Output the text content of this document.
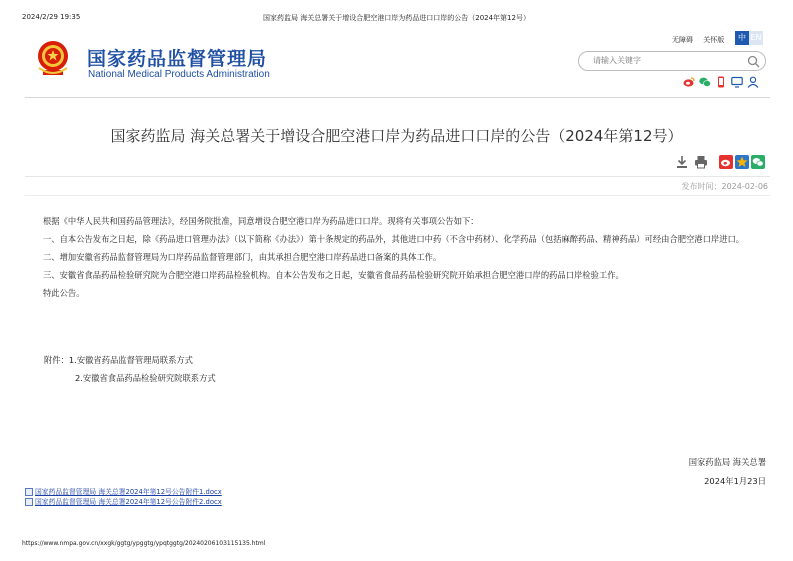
2024/2/29 19:35	国家药监局 海关总署关于增设合肥空港口岸为药品进口口岸的公告（2024年第12号）
国家药品监督管理局
National Medical Products Administration
无障碍 关怀版	中 EN
请输入关键字
国家药监局 海关总署关于增设合肥空港口岸为药品进口口岸的公告（2024年第12号）
发布时间：2024-02-06

根据《中华人民共和国药品管理法》，经国务院批准，同意增设合肥空港口岸为药品进口口岸。现将有关事项公告如下：

一、自本公告发布之日起，除《药品进口管理办法》（以下简称《办法》）第十条规定的药品外，其他进口中药（不含中药材）、化学药品（包括麻醉药品、精神药品）可经由合肥空港口岸进口。

二、增加安徽省药品监督管理局为口岸药品监督管理部门，由其承担合肥空港口岸药品进口备案的具体工作。

三、安徽省食品药品检验研究院为合肥空港口岸药品检验机构。自本公告发布之日起，安徽省食品药品检验研究院开始承担合肥空港口岸的药品口岸检验工作。

特此公告。

附件：1.安徽省药品监督管理局联系方式
2.安徽省食品药品检验研究院联系方式
国家药监局 海关总署
2024年1月23日
国家药品监督管理局 海关总署2024年第12号公告附件1.docx
国家药品监督管理局 海关总署2024年第12号公告附件2.docx
https://www.nmpa.gov.cn/xxgk/ggtg/ypggtg/ypqtggtg/20240206103115135.html
